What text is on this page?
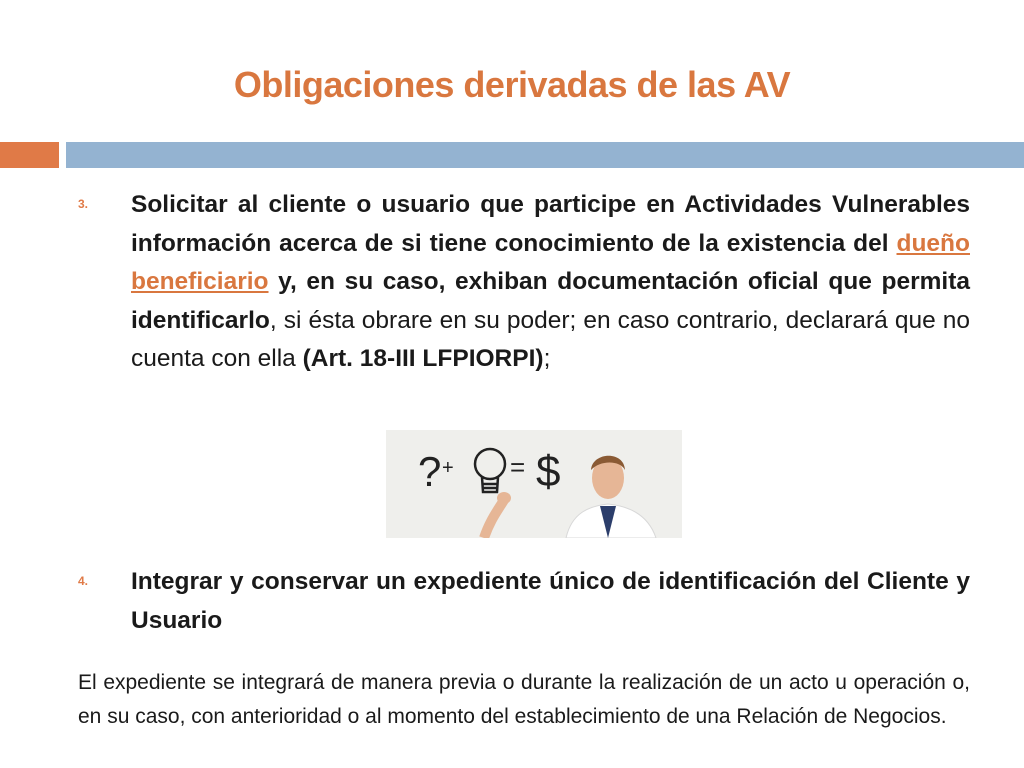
Obligaciones derivadas de las AV
3. Solicitar al cliente o usuario que participe en Actividades Vulnerables información acerca de si tiene conocimiento de la existencia del dueño beneficiario y, en su caso, exhiban documentación oficial que permita identificarlo, si ésta obrare en su poder; en caso contrario, declarará que no cuenta con ella (Art. 18-III LFPIORPI);
? + = $
4. Integrar y conservar un expediente único de identificación del Cliente y Usuario
El expediente se integrará de manera previa o durante la realización de un acto u operación o, en su caso, con anterioridad o al momento del establecimiento de una Relación de Negocios.
